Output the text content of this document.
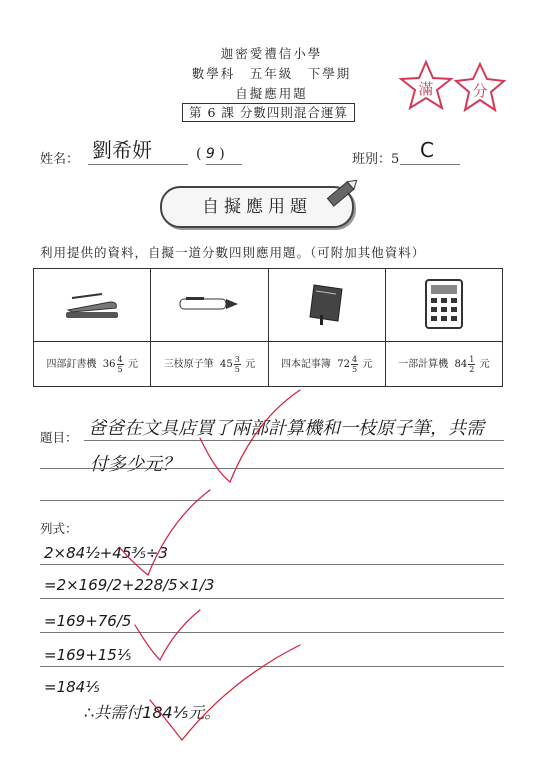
迦密愛禮信小學
數學科　五年級　下學期
自擬應用題
第 6 課 分數四則混合運算
滿	分
姓名： 劉希妍	( 9 )	班別：5 C
自擬應用題
利用提供的資料，自擬一道分數四則應用題。（可附加其他資料）

四部釘書機 $36 \frac{4}{5}$ 元	三枝原子筆 $45 \frac{3}{5}$ 元	四本記事簿 $72 \frac{4}{5}$ 元	一部計算機 $84 \frac{1}{2}$ 元
題目： 爸爸在文具店買了兩部計算機和一枝原子筆，共需
付多少元？
列式：
2×84½+45⅗÷3
=2×169/2+228/5×1/3
=169+76/5
=169+15⅕
=184⅕
∴共需付184⅕元。
